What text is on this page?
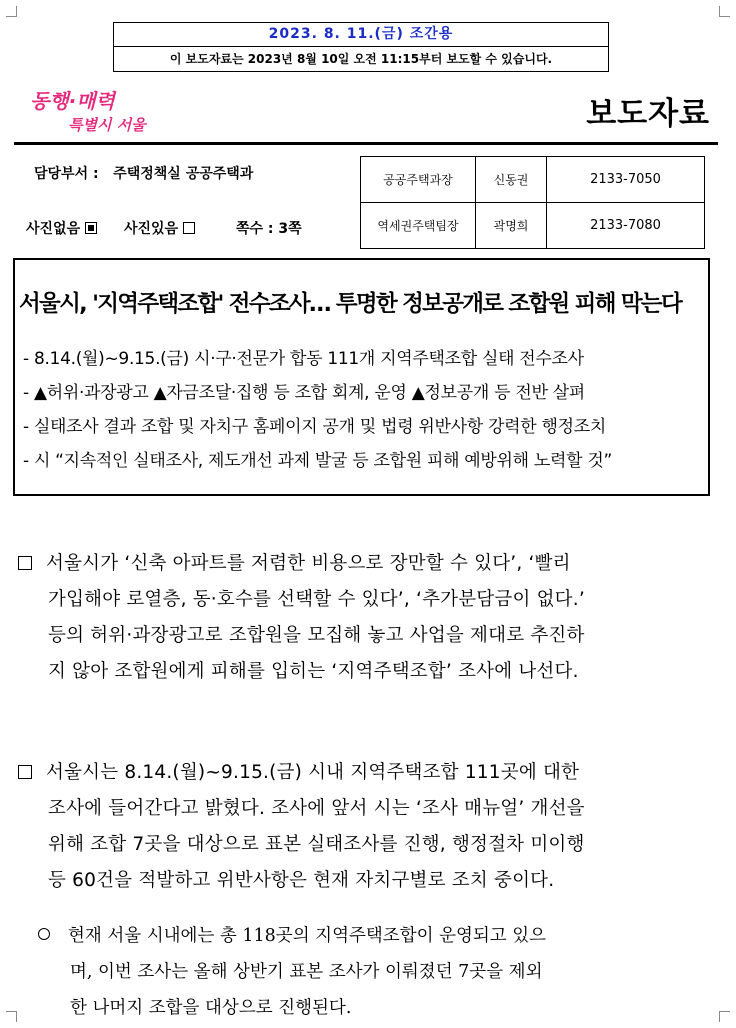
2023. 8. 11.(금) 조간용
이 보도자료는 2023년 8월 10일 오전 11:15부터 보도할 수 있습니다.
동행·매력
특별시 서울	보도자료
담당부서 : 주택정책실 공공주택과
사진없음	사진있음	쪽수 : 3쪽
공공주택과장	신동권	2133-7050
역세권주택팀장	곽명희	2133-7080
서울시, '지역주택조합' 전수조사… 투명한 정보공개로 조합원 피해 막는다
- 8.14.(월)~9.15.(금) 시·구·전문가 합동 111개 지역주택조합 실태 전수조사
- ▲허위·과장광고 ▲자금조달·집행 등 조합 회계, 운영 ▲정보공개 등 전반 살펴
- 실태조사 결과 조합 및 자치구 홈페이지 공개 및 법령 위반사항 강력한 행정조치
- 시 “지속적인 실태조사, 제도개선 과제 발굴 등 조합원 피해 예방위해 노력할 것”
서울시가 ‘신축 아파트를 저렴한 비용으로 장만할 수 있다’, ‘빨리
가입해야 로열층, 동·호수를 선택할 수 있다’, ‘추가분담금이 없다.’
등의 허위·과장광고로 조합원을 모집해 놓고 사업을 제대로 추진하
지 않아 조합원에게 피해를 입히는 ‘지역주택조합’ 조사에 나선다.
서울시는 8.14.(월)~9.15.(금) 시내 지역주택조합 111곳에 대한
조사에 들어간다고 밝혔다. 조사에 앞서 시는 ‘조사 매뉴얼’ 개선을
위해 조합 7곳을 대상으로 표본 실태조사를 진행, 행정절차 미이행
등 60건을 적발하고 위반사항은 현재 자치구별로 조치 중이다.
현재 서울 시내에는 총 118곳의 지역주택조합이 운영되고 있으
며, 이번 조사는 올해 상반기 표본 조사가 이뤄졌던 7곳을 제외
한 나머지 조합을 대상으로 진행된다.
